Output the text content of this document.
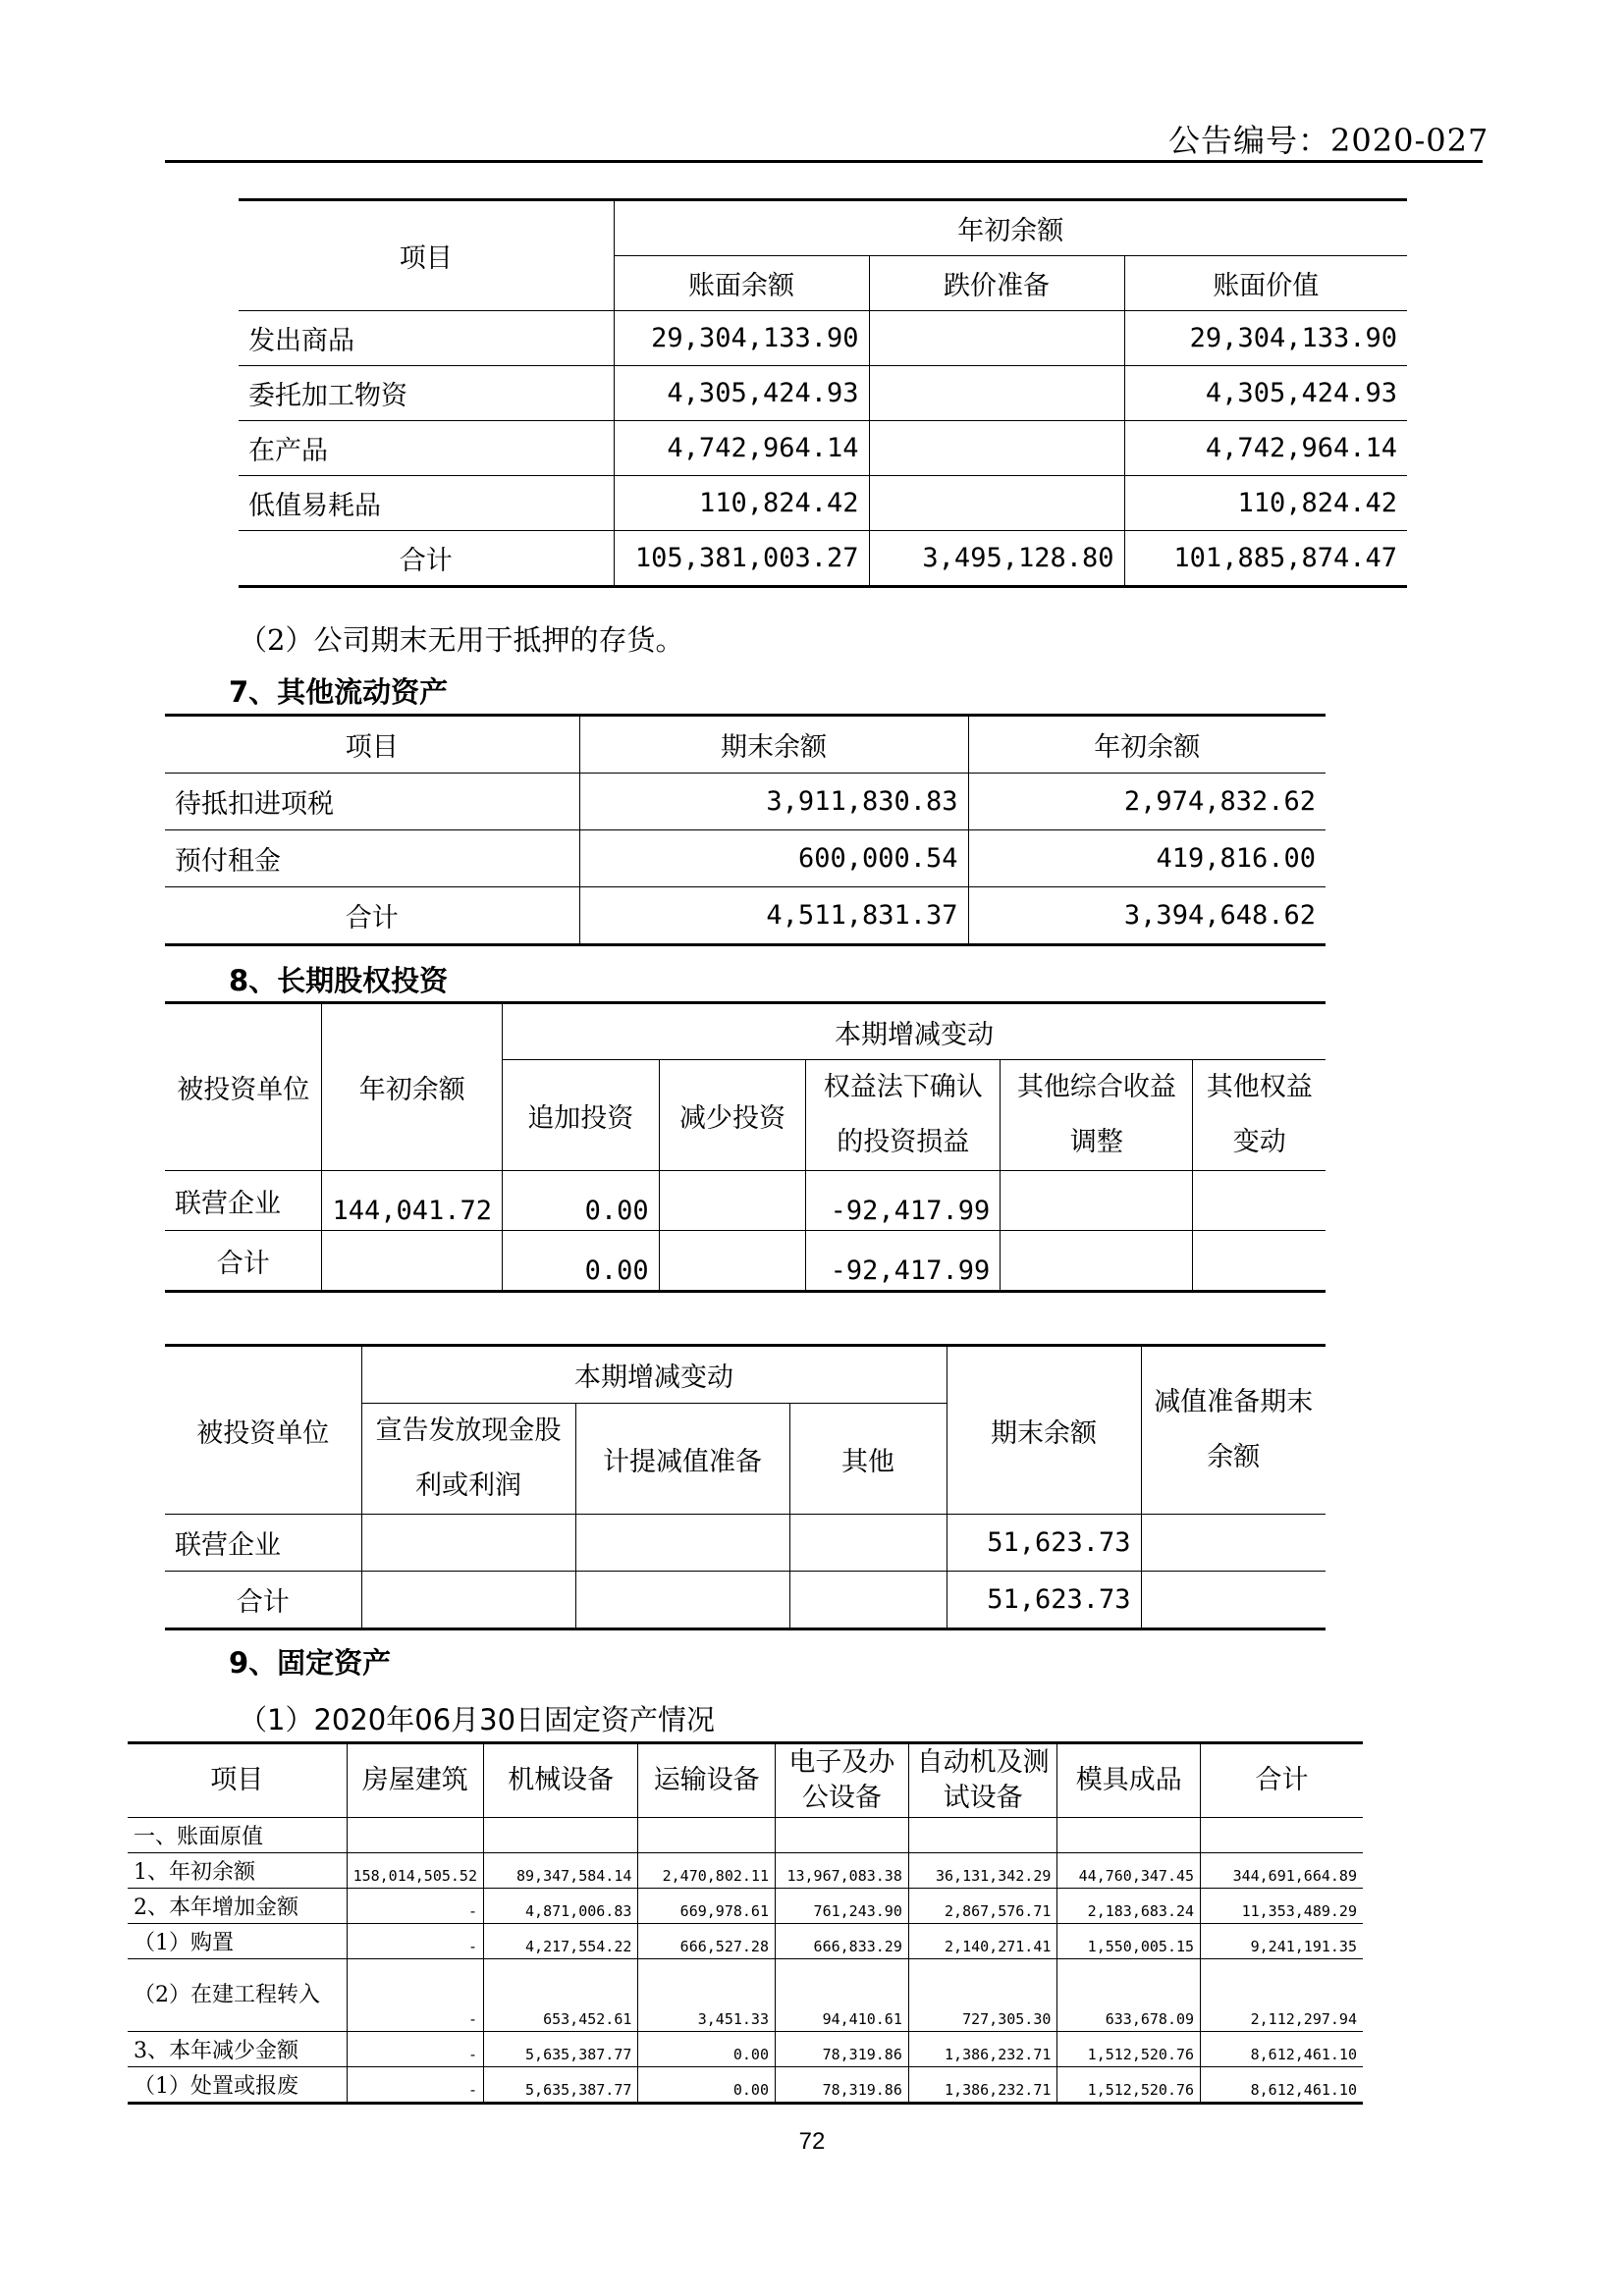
公告编号：2020-027
项目	年初余额		
	账面余额	跌价准备	账面价值
发出商品	29,304,133.90		29,304,133.90
委托加工物资	4,305,424.93		4,305,424.93
在产品	4,742,964.14		4,742,964.14
低值易耗品	110,824.42		110,824.42
合计	105,381,003.27	3,495,128.80	101,885,874.47
（2）公司期末无用于抵押的存货。
7、其他流动资产
项目	期末余额	年初余额
待抵扣进项税	3,911,830.83	2,974,832.62
预付租金	600,000.54	419,816.00
合计	4,511,831.37	3,394,648.62
8、长期股权投资
被投资单位	年初余额	本期增减变动				
		追加投资	减少投资	权益法下确认的投资损益	其他综合收益调整	其他权益变动

联营企业	144,041.72	0.00		-92,417.99		
合计		0.00		-92,417.99		
被投资单位	本期增减变动			期末余额	减值准备期末余额
	宣告发放现金股利或利润	计提减值准备	其他		

联营企业				51,623.73	
合计				51,623.73	
9、固定资产
（1）2020年06月30日固定资产情况
项目	房屋建筑	机械设备	运输设备	电子及办公设备	自动机及测试设备	模具成品	合计
一、账面原值							
1、年初余额	158,014,505.52	89,347,584.14	2,470,802.11	13,967,083.38	36,131,342.29	44,760,347.45	344,691,664.89
2、本年增加金额	-	4,871,006.83	669,978.61	761,243.90	2,867,576.71	2,183,683.24	11,353,489.29
（1）购置	-	4,217,554.22	666,527.28	666,833.29	2,140,271.41	1,550,005.15	9,241,191.35
（2）在建工程转入	-	653,452.61	3,451.33	94,410.61	727,305.30	633,678.09	2,112,297.94
3、本年减少金额	-	5,635,387.77	0.00	78,319.86	1,386,232.71	1,512,520.76	8,612,461.10
（1）处置或报废	-	5,635,387.77	0.00	78,319.86	1,386,232.71	1,512,520.76	8,612,461.10
72
